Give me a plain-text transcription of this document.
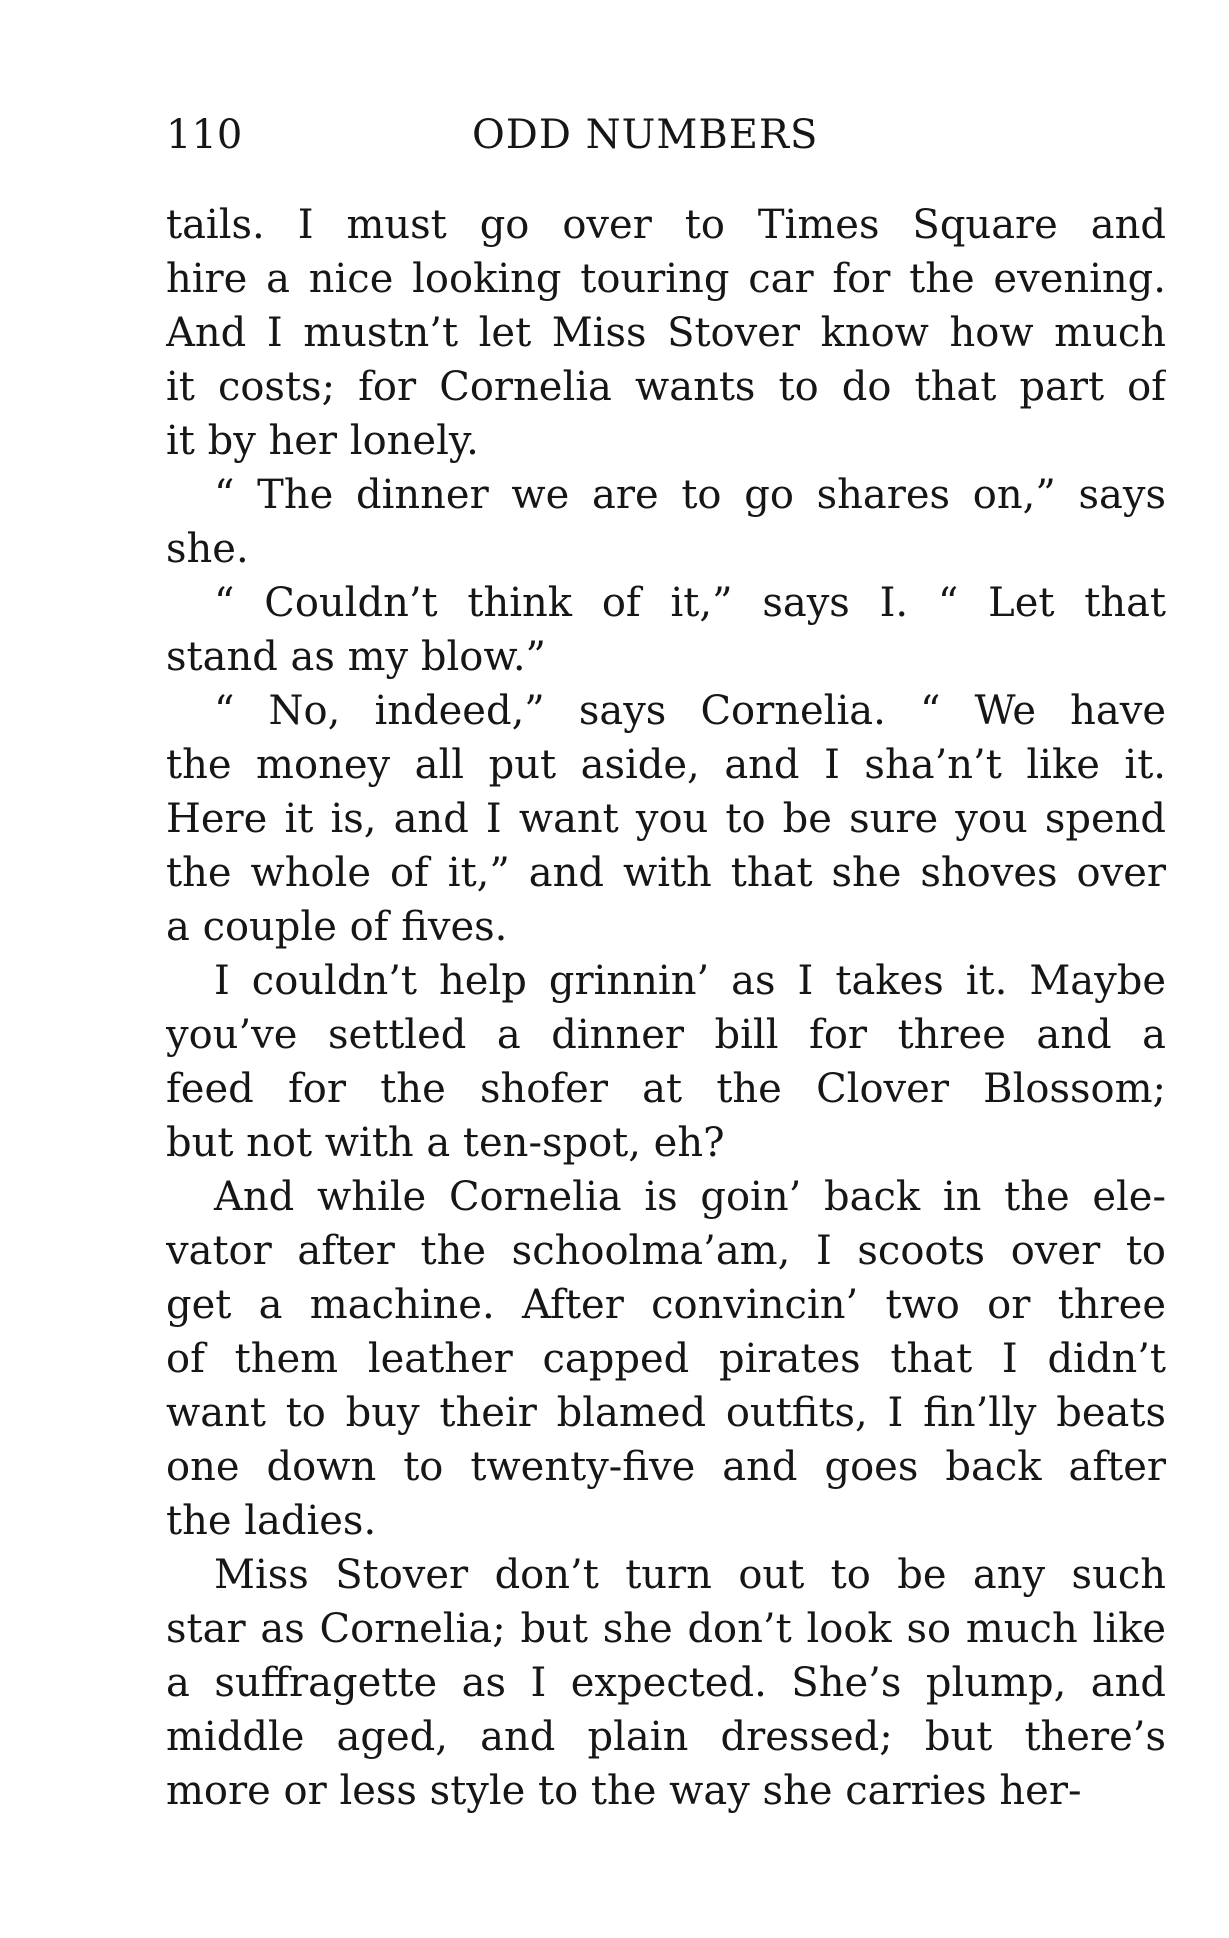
110	ODD NUMBERS
tails. I must go over to Times Square and
hire a nice looking touring car for the evening.
And I mustn’t let Miss Stover know how much
it costs; for Cornelia wants to do that part of
it by her lonely.
“ The dinner we are to go shares on,” says
she.
“ Couldn’t think of it,” says I. “ Let that
stand as my blow.”
“ No, indeed,” says Cornelia. “ We have
the money all put aside, and I sha’n’t like it.
Here it is, and I want you to be sure you spend
the whole of it,” and with that she shoves over
a couple of fives.
I couldn’t help grinnin’ as I takes it. Maybe
you’ve settled a dinner bill for three and a
feed for the shofer at the Clover Blossom;
but not with a ten-spot, eh?
And while Cornelia is goin’ back in the ele-
vator after the schoolma’am, I scoots over to
get a machine. After convincin’ two or three
of them leather capped pirates that I didn’t
want to buy their blamed outfits, I fin’lly beats
one down to twenty-five and goes back after
the ladies.
Miss Stover don’t turn out to be any such
star as Cornelia; but she don’t look so much like
a suffragette as I expected. She’s plump, and
middle aged, and plain dressed; but there’s
more or less style to the way she carries her-
